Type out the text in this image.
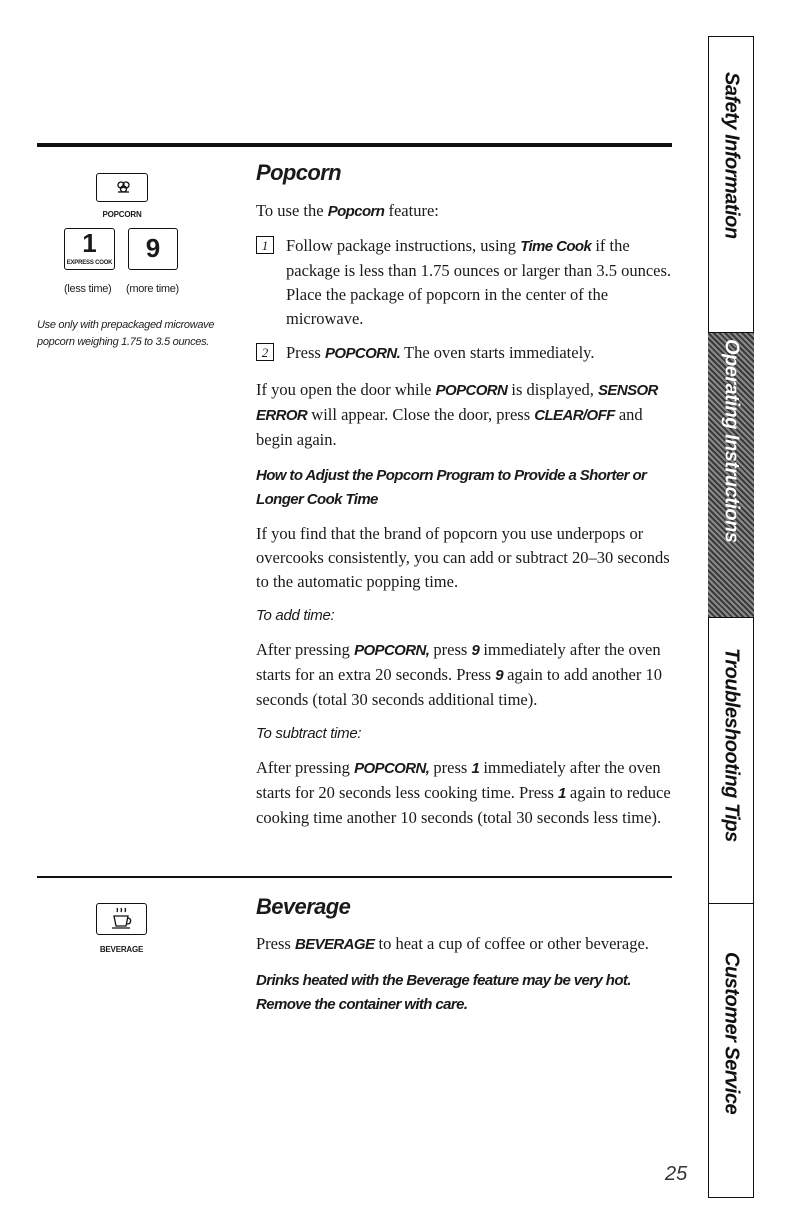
POPCORN
1
EXPRESS COOK	9
(less time) (more time)
Use only with prepackaged microwave popcorn weighing 1.75 to 3.5 ounces.
BEVERAGE
Popcorn
To use the Popcorn feature:
1	Follow package instructions, using Time Cook if the package is less than 1.75 ounces or larger than 3.5 ounces. Place the package of popcorn in the center of the microwave.
2	Press POPCORN. The oven starts immediately.
If you open the door while POPCORN is displayed, SENSOR ERROR will appear. Close the door, press CLEAR/OFF and begin again.
How to Adjust the Popcorn Program to Provide a Shorter or Longer Cook Time
If you find that the brand of popcorn you use underpops or overcooks consistently, you can add or subtract 20–30 seconds to the automatic popping time.
To add time:
After pressing POPCORN, press 9 immediately after the oven starts for an extra 20 seconds. Press 9 again to add another 10 seconds (total 30 seconds additional time).
To subtract time:
After pressing POPCORN, press 1 immediately after the oven starts for 20 seconds less cooking time. Press 1 again to reduce cooking time another 10 seconds (total 30 seconds less time).
Beverage
Press BEVERAGE to heat a cup of coffee or other beverage.
Drinks heated with the Beverage feature may be very hot. Remove the container with care.
Safety Information
Operating Instructions
Troubleshooting Tips
Customer Service
25
